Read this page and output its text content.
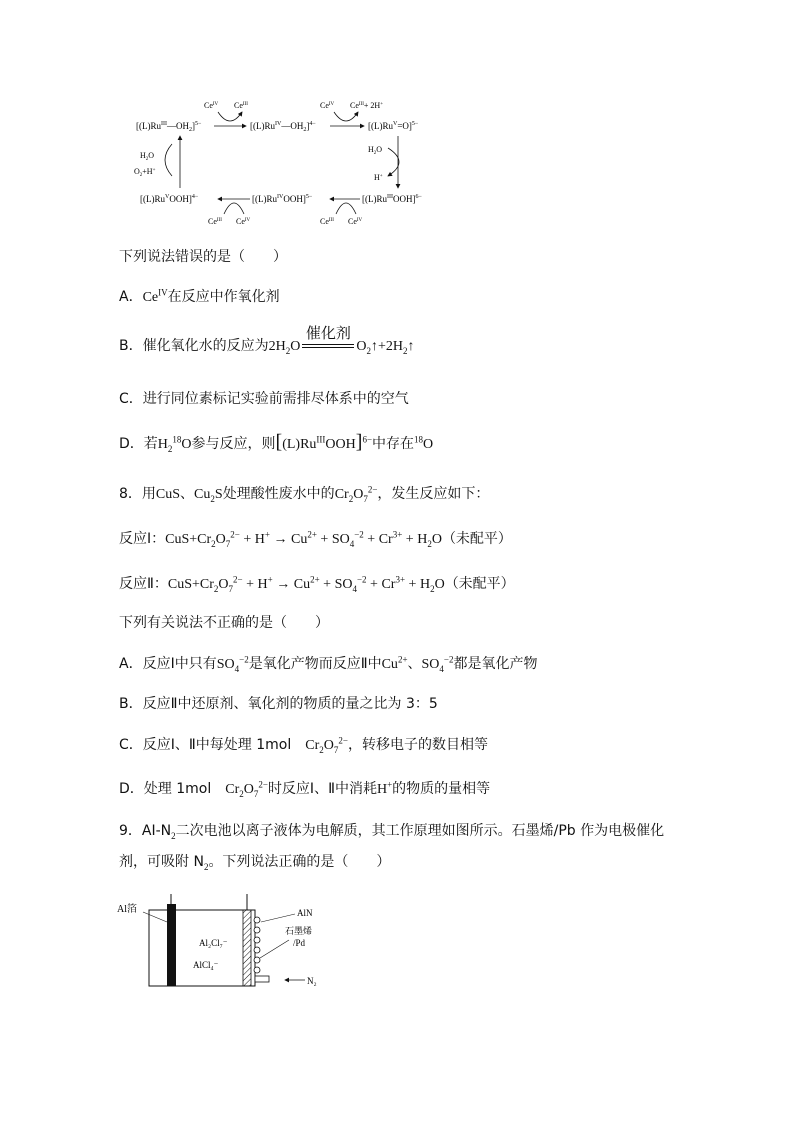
$[(L)Ru^{III}—OH_2]^{5-}$	$[(L)Ru^{IV}—OH_2]^{4-}$	$[(L)Ru^V=O]^{5-}$
$[(L)Ru^{III}OOH]^{6-}$
$[(L)Ru^{IV}OOH]^{5-}$
$[(L)Ru^VOOH]^{4-}$
$Ce^{IV}$ $Ce^{III}$	$Ce^{IV}$ $Ce^{III}+ 2H^+$
$H_2O$
H+
$Ce^{III}$ $Ce^{IV}$
$Ce^{III}$ $Ce^{IV}$
$H_2O$
$O_2+H^+$
下列说法错误的是（　　）
A．$Ce^{IV}$在反应中作氧化剂
B．催化氧化水的反应为$2H_2O$
催化剂
$O_2↑+2H_2↑$
C．进行同位素标记实验前需排尽体系中的空气
D．若$H_2^{18}O$参与反应，则$[(L)Ru^{III}OOH]^{6-}$中存在$^{18}$O
8．用CuS、$Cu_2S$处理酸性废水中的$Cr_2O_7^{2-}$，发生反应如下：
反应Ⅰ：$CuS+Cr_2O_7^{2-} + H^+ \to Cu^{2+} + SO_4^{-2} + Cr^{3+} + H_2O$（未配平）
反应Ⅱ：$CuS+Cr_2O_7^{2-} + H^+ \to Cu^{2+} + SO_4^{-2} + Cr^{3+} + H_2O$（未配平）
下列有关说法不正确的是（　　）
A．反应Ⅰ中只有$SO_4^{-2}$是氧化产物而反应Ⅱ中$Cu^{2+}$、$SO_4^{-2}$都是氧化产物
B．反应Ⅱ中还原剂、氧化剂的物质的量之比为 3：5
C．反应Ⅰ、Ⅱ中每处理 1mol　 $Cr_2O_7^{2-}$，转移电子的数目相等
D．处理 1mol　 $Cr_2O_7^{2-}$时反应Ⅰ、Ⅱ中消耗H+的物质的量相等
9．$AI-N_2$二次电池以离子液体为电解质，其工作原理如图所示。石墨烯/Pb 作为电极催化
剂，可吸附 $N_2$。下列说法正确的是（　　）
Al箔
Al₂Cl₇⁻
AlCl₄⁻
AlN
石墨烯
/Pd
N₂
